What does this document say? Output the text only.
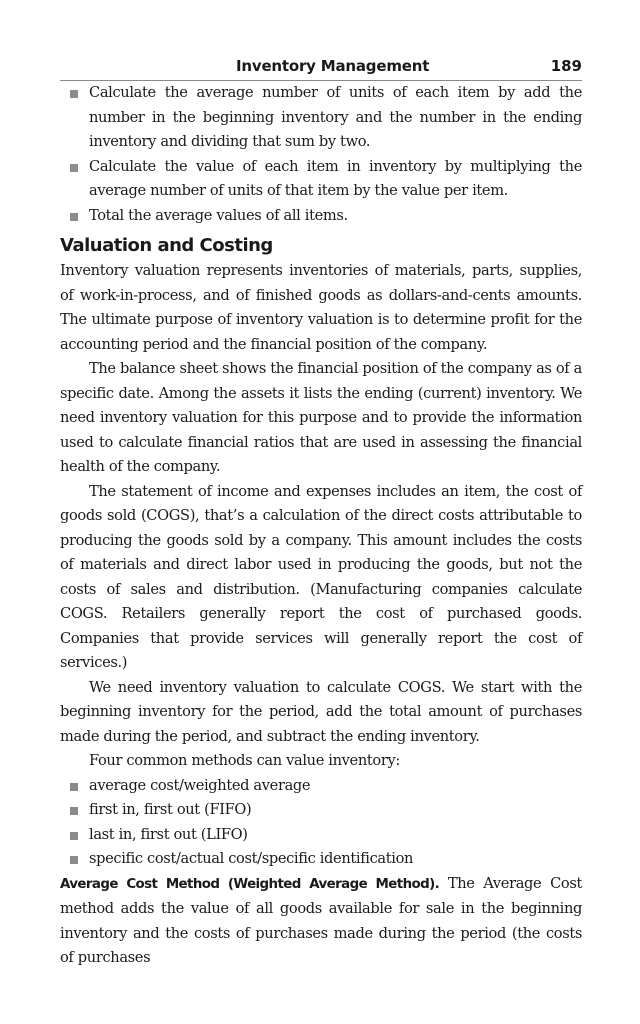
Inventory Management	189
Calculate the average number of units of each item by add the number in the beginning inventory and the number in the ending inventory and dividing that sum by two.
Calculate the value of each item in inventory by multiplying the average number of units of that item by the value per item.
Total the average values of all items.
Valuation and Costing

Inventory valuation represents inventories of materials, parts, supplies, of work-in-process, and of finished goods as dollars-and-cents amounts. The ultimate purpose of inventory valuation is to determine profit for the accounting period and the financial position of the company.

The balance sheet shows the financial position of the company as of a specific date. Among the assets it lists the ending (current) inventory. We need inventory valuation for this purpose and to provide the information used to calculate financial ratios that are used in assessing the financial health of the company.

The statement of income and expenses includes an item, the cost of goods sold (COGS), that’s a calculation of the direct costs attributable to producing the goods sold by a company. This amount includes the costs of materials and direct labor used in producing the goods, but not the costs of sales and distribution. (Manufacturing companies calculate COGS. Retailers generally report the cost of purchased goods. Companies that provide services will generally report the cost of services.)

We need inventory valuation to calculate COGS. We start with the beginning inventory for the period, add the total amount of purchases made during the period, and subtract the ending inventory.

Four common methods can value inventory:

average cost/weighted average
first in, first out (FIFO)
last in, first out (LIFO)
specific cost/actual cost/specific identification

Average Cost Method (Weighted Average Method). The Average Cost method adds the value of all goods available for sale in the beginning inventory and the costs of purchases made during the period (the costs of purchases
